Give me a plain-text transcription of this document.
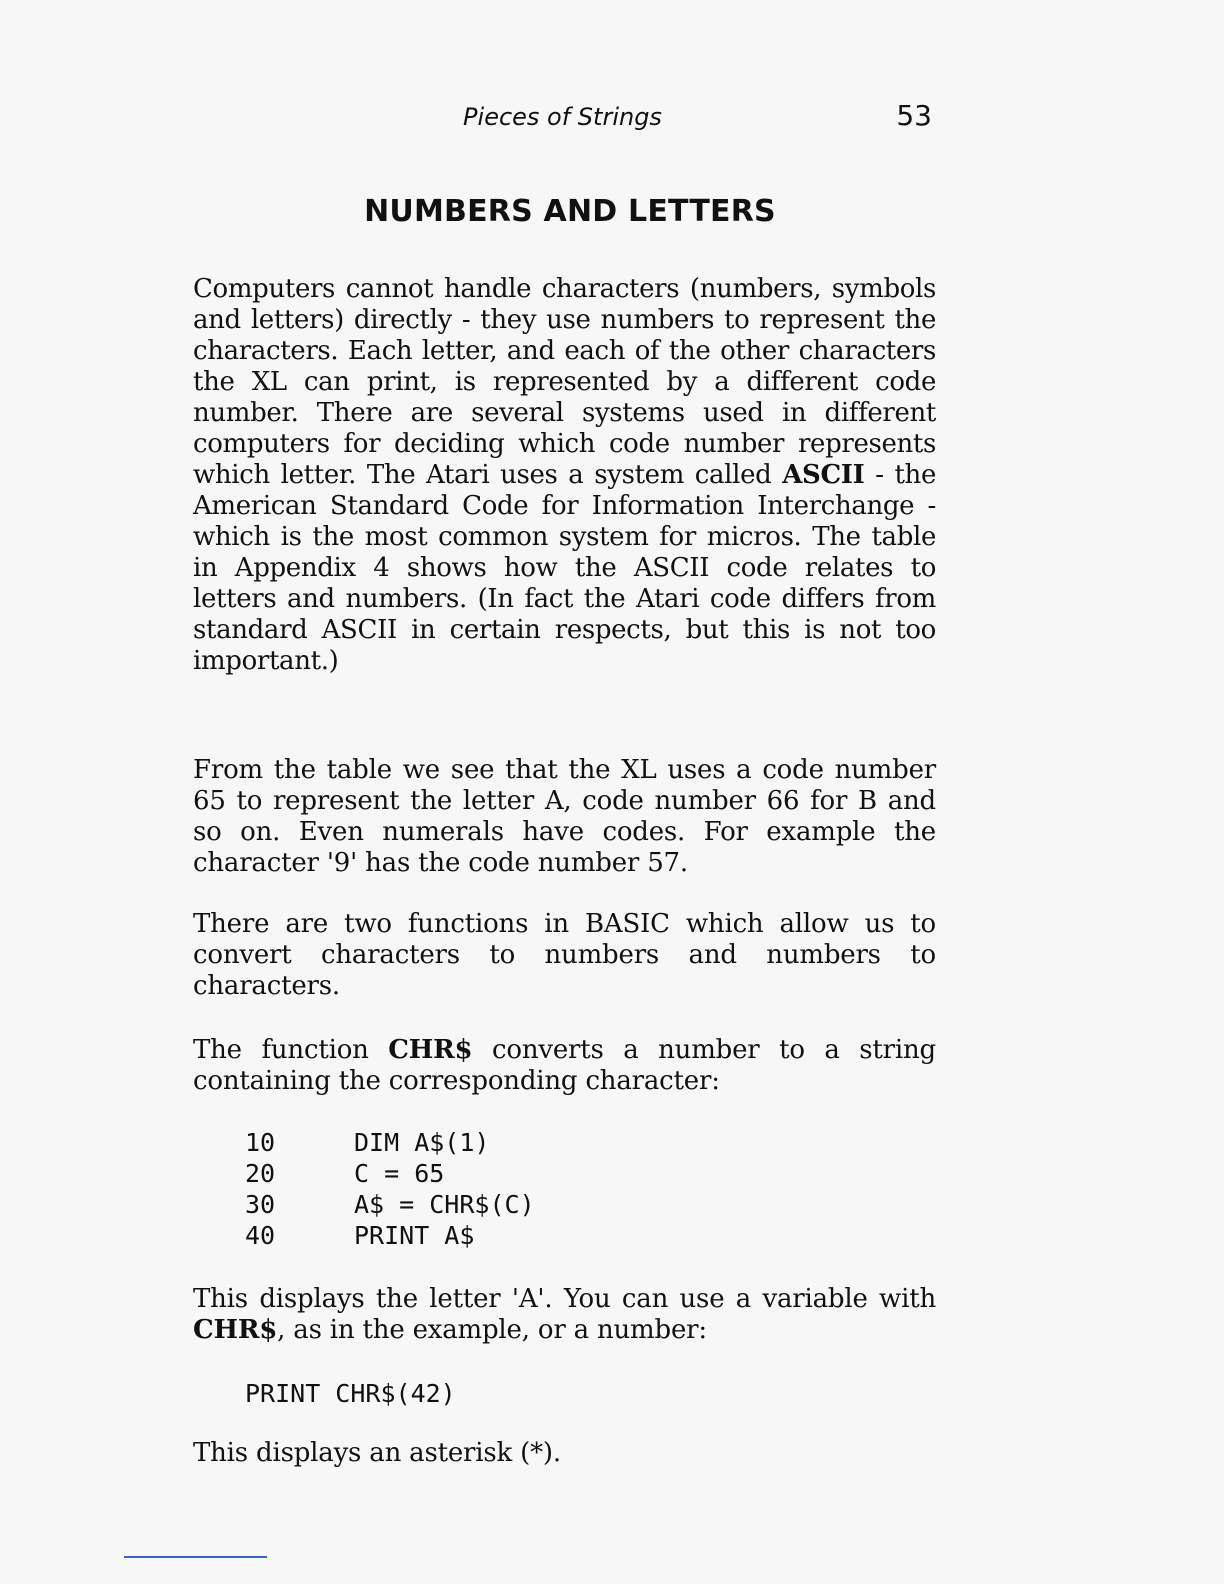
Pieces of Strings	53
NUMBERS AND LETTERS

Computers cannot handle characters (numbers, symbols and letters) directly - they use numbers to represent the characters. Each letter, and each of the other characters the XL can print, is represented by a different code number. There are several systems used in different computers for deciding which code number represents which letter. The Atari uses a system called ASCII - the American Standard Code for Information Interchange - which is the most common system for micros. The table in Appendix 4 shows how the ASCII code relates to letters and numbers. (In fact the Atari code differs from standard ASCII in certain respects, but this is not too important.)

From the table we see that the XL uses a code number 65 to represent the letter A, code number 66 for B and so on. Even numerals have codes. For example the character '9' has the code number 57.

There are two functions in BASIC which allow us to convert characters to numbers and numbers to characters.

The function CHR$ converts a number to a string containing the corresponding character:

10	DIM A$(1)
20	C = 65
30	A$ = CHR$(C)
40	PRINT A$

This displays the letter 'A'. You can use a variable with CHR$, as in the example, or a number:

PRINT CHR$(42)

This displays an asterisk (*).
